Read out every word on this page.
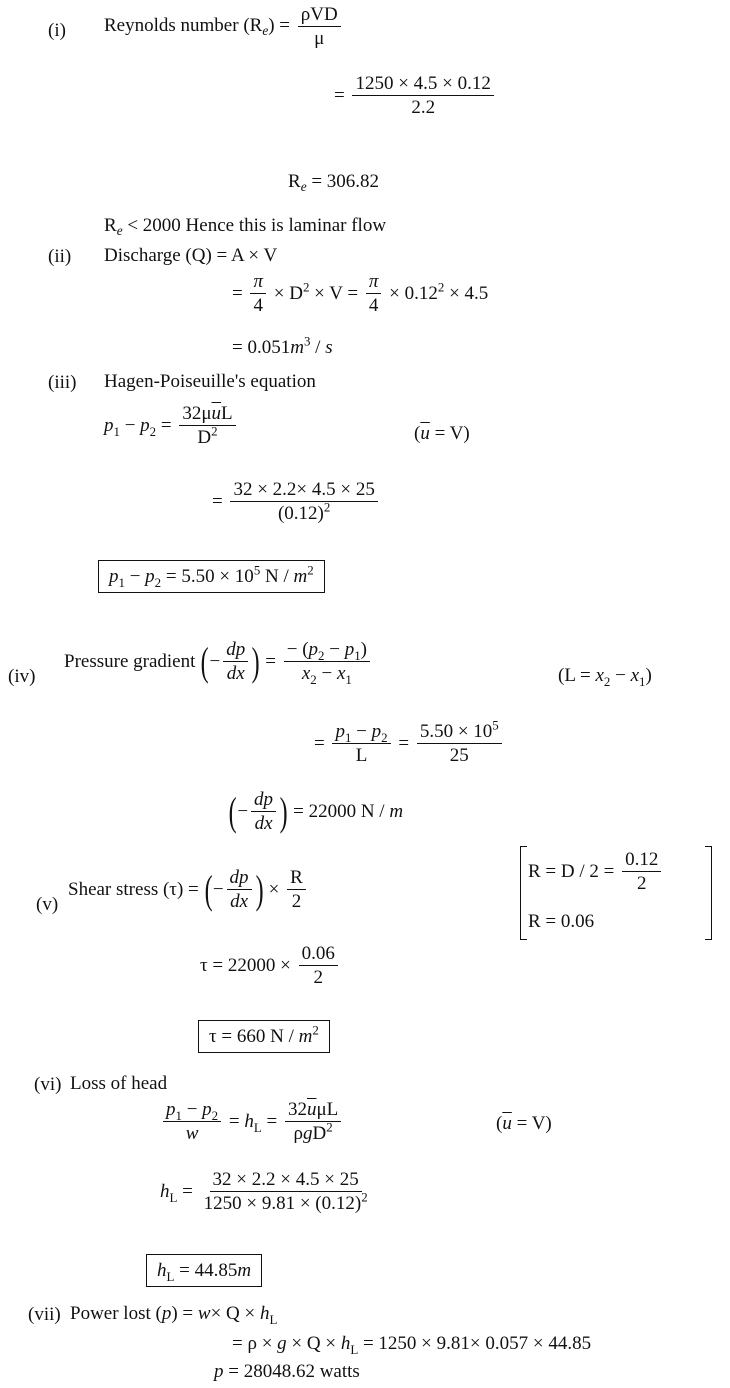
(i) Reynolds number $(R_e) = \frac{\text{ρVD}}{\mu}$
= $\frac{1250 \times 4.5 \times 0.12}{2.2}$
$R_e = 306.82$
$R_e < 2000$ Hence this is laminar flow
(ii) Discharge (Q) = A × V
= $\frac{\pi}{4} \times D^2 \times V = \frac{\pi}{4} \times 0.12^2 \times 4.5$
= $0.051m^3$ / s
(iii) Hagen-Poiseuille's equation
$p_1 - p_2 = \frac{32\mu\overline{u}L}{D^2}$	$(\overline{u} = V)$
= $\frac{32 \times 2.2\times 4.5 \times 25}{(0.12)^2}$
$p_1 - p_2 = 5.50 \times 10^5$ N / $m^2$
(iv)
Pressure gradient (− $\frac{dp}{dx}$ ) = $\frac{- (p_2 - p_1)}{x_2 - x_1}$	$(L = x_2 - x_1)$
= $\frac{p_1 - p_2}{L} = \frac{5.50 \times 10^5}{25}$
(− $\frac{dp}{dx}$ ) = 22000 N / m
(v)
Shear stress (τ) = (− $\frac{dp}{dx}$ ) × $\frac{R}{2}$	$R = D / 2 = \frac{0.12}{2}$
R = 0.06
$\tau = 22000 \times \frac{0.06}{2}$
τ = 660 N / $m^2$
(vi) Loss of head
$\frac{p_1 - p_2}{w} = h_L = \frac{32\overline{u}\mu L}{\rho gD^2}$	$(\overline{u} = V)$
$h_L = \frac{32 \times 2.2 \times 4.5 \times 25}{1250 \times 9.81 \times (0.12)^2}$
$h_L = 44.85m$
(vii) Power lost $(p) = w\times Q \times h_L$
= $\rho \times g \times Q \times h_L = 1250 \times 9.81\times 0.057 \times 44.85$
p = 28048.62 watts
